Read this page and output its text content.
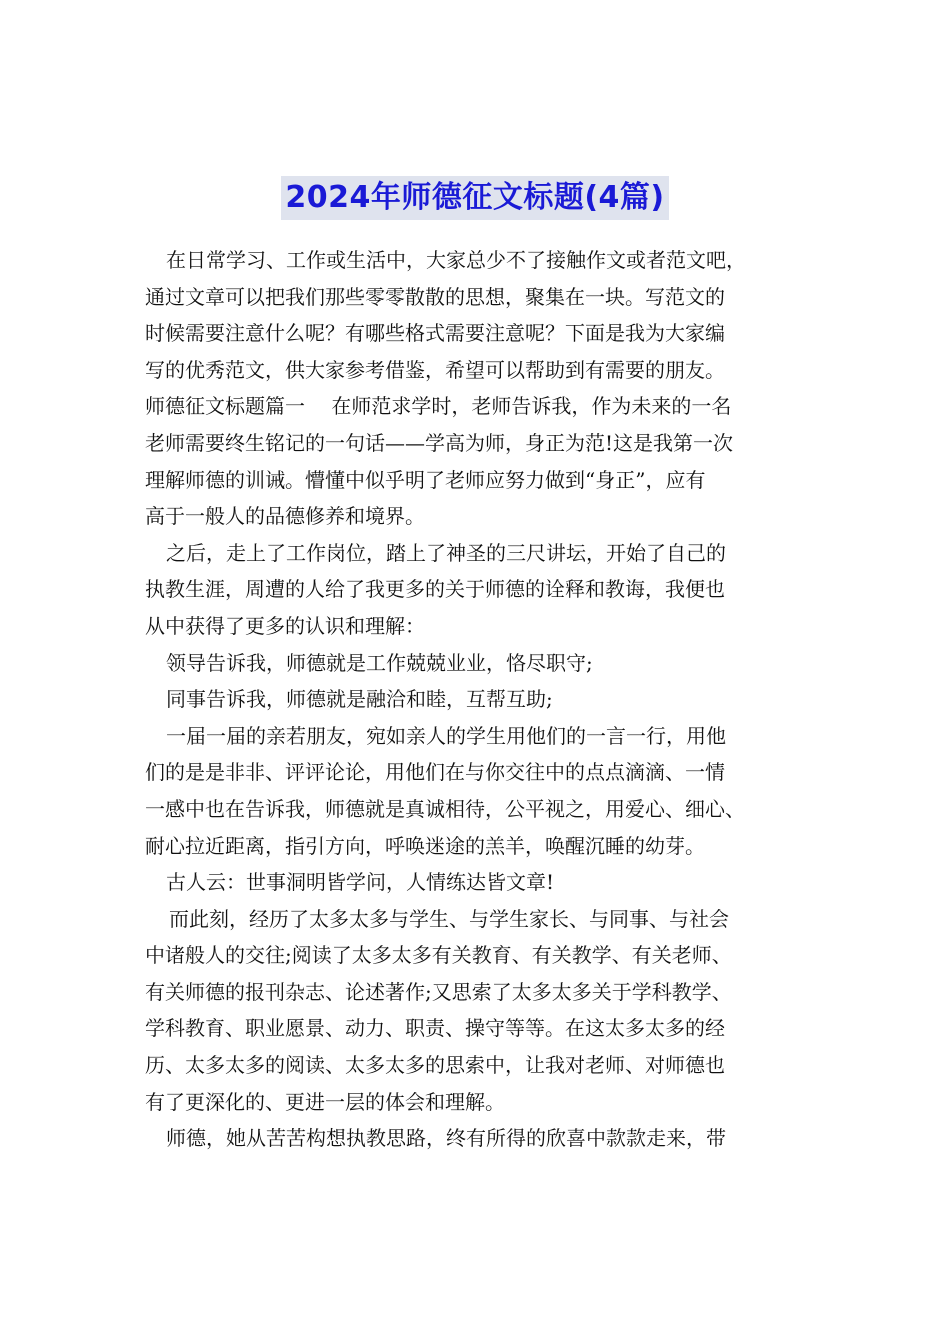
2024年师德征文标题(4篇)
在日常学习、工作或生活中，大家总少不了接触作文或者范文吧，
通过文章可以把我们那些零零散散的思想，聚集在一块。写范文的
时候需要注意什么呢？有哪些格式需要注意呢？下面是我为大家编
写的优秀范文，供大家参考借鉴，希望可以帮助到有需要的朋友。
师德征文标题篇一　 在师范求学时，老师告诉我，作为未来的一名
老师需要终生铭记的一句话——学高为师，身正为范!这是我第一次
理解师德的训诫。懵懂中似乎明了老师应努力做到“身正”，应有
高于一般人的品德修养和境界。
之后，走上了工作岗位，踏上了神圣的三尺讲坛，开始了自己的
执教生涯，周遭的人给了我更多的关于师德的诠释和教诲，我便也
从中获得了更多的认识和理解：
领导告诉我，师德就是工作兢兢业业，恪尽职守;
同事告诉我，师德就是融洽和睦，互帮互助;
一届一届的亲若朋友，宛如亲人的学生用他们的一言一行，用他
们的是是非非、评评论论，用他们在与你交往中的点点滴滴、一情
一感中也在告诉我，师德就是真诚相待，公平视之，用爱心、细心、
耐心拉近距离，指引方向，呼唤迷途的羔羊，唤醒沉睡的幼芽。
古人云：世事洞明皆学问，人情练达皆文章!
而此刻，经历了太多太多与学生、与学生家长、与同事、与社会
中诸般人的交往;阅读了太多太多有关教育、有关教学、有关老师、
有关师德的报刊杂志、论述著作;又思索了太多太多关于学科教学、
学科教育、职业愿景、动力、职责、操守等等。在这太多太多的经
历、太多太多的阅读、太多太多的思索中，让我对老师、对师德也
有了更深化的、更进一层的体会和理解。
师德，她从苦苦构想执教思路，终有所得的欣喜中款款走来，带
